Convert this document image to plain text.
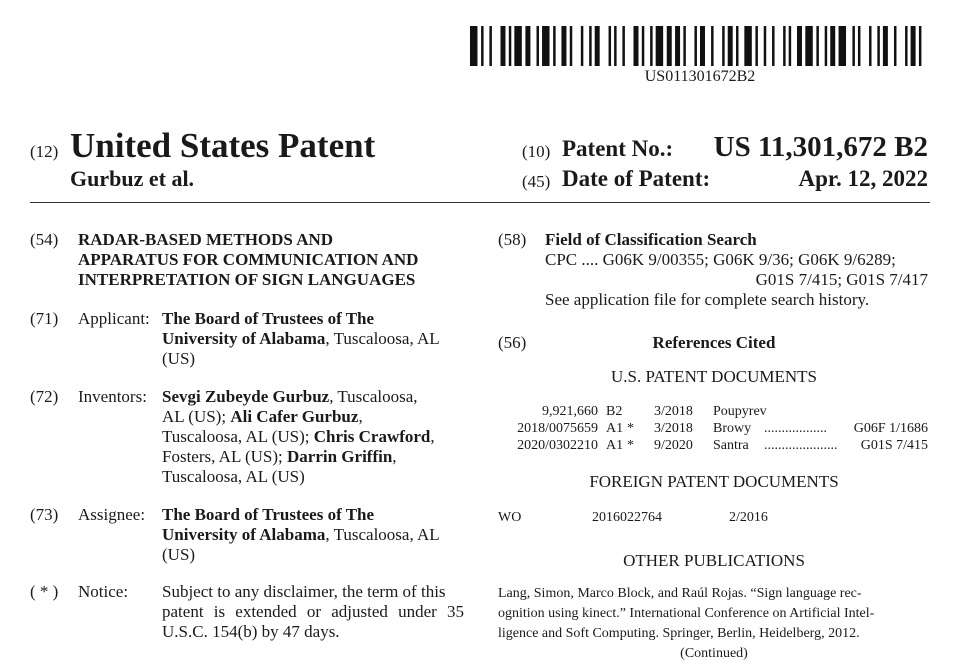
US011301672B2
(12) United States Patent
Gurbuz et al.
(10) Patent No.: US 11,301,672 B2
(45) Date of Patent:	Apr. 12, 2022
(54) RADAR-BASED METHODS AND
APPARATUS FOR COMMUNICATION AND
INTERPRETATION OF SIGN LANGUAGES
(71) Applicant: The Board of Trustees of The
University of Alabama, Tuscaloosa, AL
(US)
(72) Inventors: Sevgi Zubeyde Gurbuz, Tuscaloosa,
AL (US); Ali Cafer Gurbuz,
Tuscaloosa, AL (US); Chris Crawford,
Fosters, AL (US); Darrin Griffin,
Tuscaloosa, AL (US)
(73) Assignee: The Board of Trustees of The
University of Alabama, Tuscaloosa, AL
(US)
( * ) Notice: Subject to any disclaimer, the term of this
patent is extended or adjusted under 35
U.S.C. 154(b) by 47 days.
(58) Field of Classification Search
CPC .... G06K 9/00355; G06K 9/36; G06K 9/6289;
G01S 7/415; G01S 7/417
See application file for complete search history.
(56)	References Cited
U.S. PATENT DOCUMENTS
9,921,660 B2 3/2018 Poupyrev
2018/0075659 A1 * 3/2018 Browy .................. G06F 1/1686
2020/0302210 A1 * 9/2020 Santra ..................... G01S 7/415
FOREIGN PATENT DOCUMENTS
WO	2016022764	2/2016
OTHER PUBLICATIONS
Lang, Simon, Marco Block, and Raúl Rojas. “Sign language rec-
ognition using kinect.” International Conference on Artificial Intel-
ligence and Soft Computing. Springer, Berlin, Heidelberg, 2012.
(Continued)
